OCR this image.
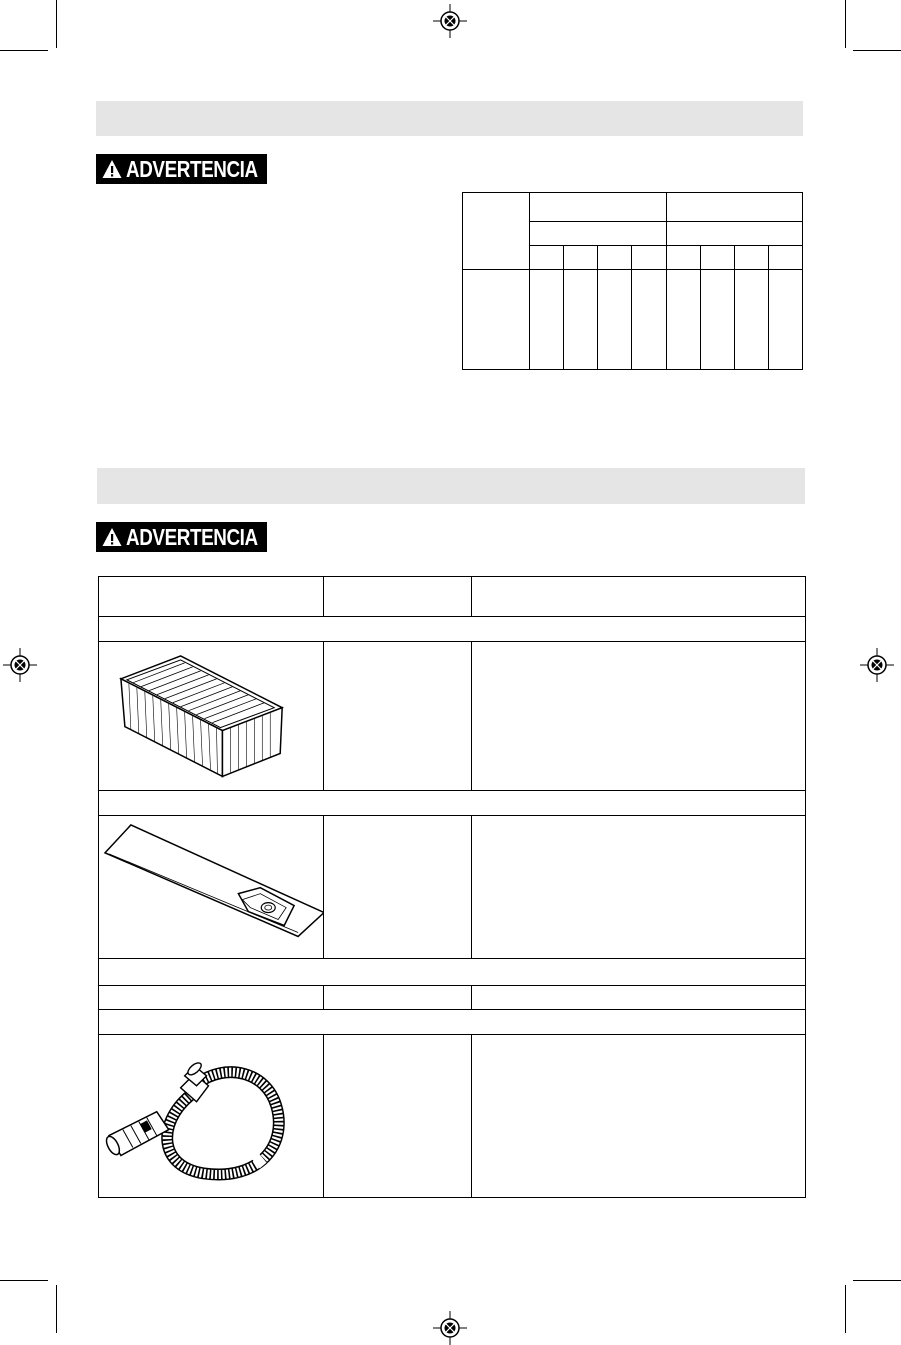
ADVERTENCIA

ADVERTENCIA
